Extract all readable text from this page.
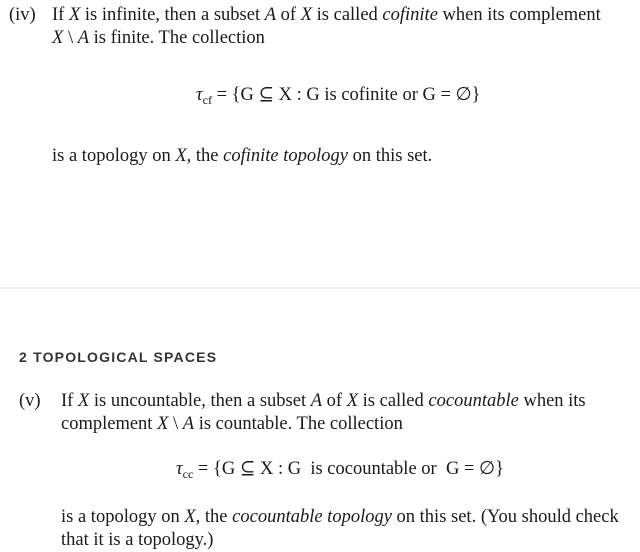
(iv) If X is infinite, then a subset A of X is called cofinite when its complement
X \ A is finite. The collection
$\tau_{cf} = \{G$ ⊆ X : G is cofinite or G = ∅}
is a topology on X, the cofinite topology on this set.
2 TOPOLOGICAL SPACES
(v) If X is uncountable, then a subset A of X is called cocountable when its
complement X \ A is countable. The collection
$\tau_{cc} = \{G$ ⊆ X : G  is cocountable or  G = ∅}
is a topology on X, the cocountable topology on this set. (You should check
that it is a topology.)
